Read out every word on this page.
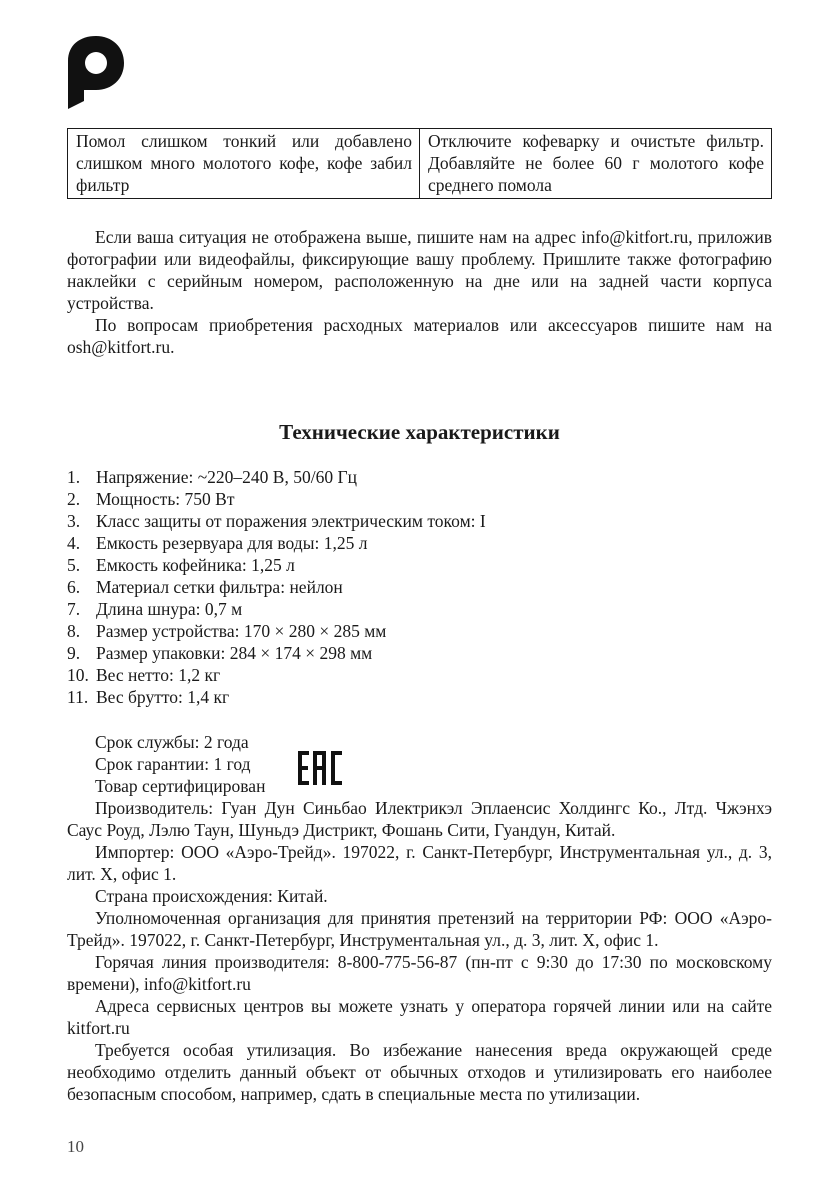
Помол слишком тонкий или добавлено слишком много молотого кофе, кофе забил фильтр	Отключите кофеварку и очистьте фильтр. Добавляйте не более 60 г молотого кофе среднего помола

Если ваша ситуация не отображена выше, пишите нам на адрес info@kitfort.ru, приложив фотографии или видеофайлы, фиксирующие вашу проблему. Пришлите также фотографию наклейки с серийным номером, расположенную на дне или на задней части корпуса устройства.

По вопросам приобретения расходных материалов или аксессуаров пишите нам на osh@kitfort.ru.

Технические характеристики
1. Напряжение: ~220–240 В, 50/60 Гц
2. Мощность: 750 Вт
3. Класс защиты от поражения электрическим током: I
4. Емкость резервуара для воды: 1,25 л
5. Емкость кофейника: 1,25 л
6. Материал сетки фильтра: нейлон
7. Длина шнура: 0,7 м
8. Размер устройства: 170 × 280 × 285 мм
9. Размер упаковки: 284 × 174 × 298 мм
10. Вес нетто: 1,2 кг
11. Вес брутто: 1,4 кг
Срок службы: 2 года
Срок гарантии: 1 год
Товар сертифицирован

Производитель: Гуан Дун Синьбао Илектрикэл Эплаенсис Холдингс Ко., Лтд. Чжэнхэ Саус Роуд, Лэлю Таун, Шуньдэ Дистрикт, Фошань Сити, Гуандун, Китай.

Импортер: ООО «Аэро-Трейд». 197022, г. Санкт-Петербург, Инструментальная ул., д. 3, лит. Х, офис 1.

Страна происхождения: Китай.

Уполномоченная организация для принятия претензий на территории РФ: ООО «Аэро-Трейд». 197022, г. Санкт-Петербург, Инструментальная ул., д. 3, лит. Х, офис 1.

Горячая линия производителя: 8-800-775-56-87 (пн-пт с 9:30 до 17:30 по московскому времени), info@kitfort.ru

Адреса сервисных центров вы можете узнать у оператора горячей линии или на сайте kitfort.ru

Требуется особая утилизация. Во избежание нанесения вреда окружающей среде необходимо отделить данный объект от обычных отходов и утилизировать его наиболее безопасным способом, например, сдать в специальные места по утилизации.

10
